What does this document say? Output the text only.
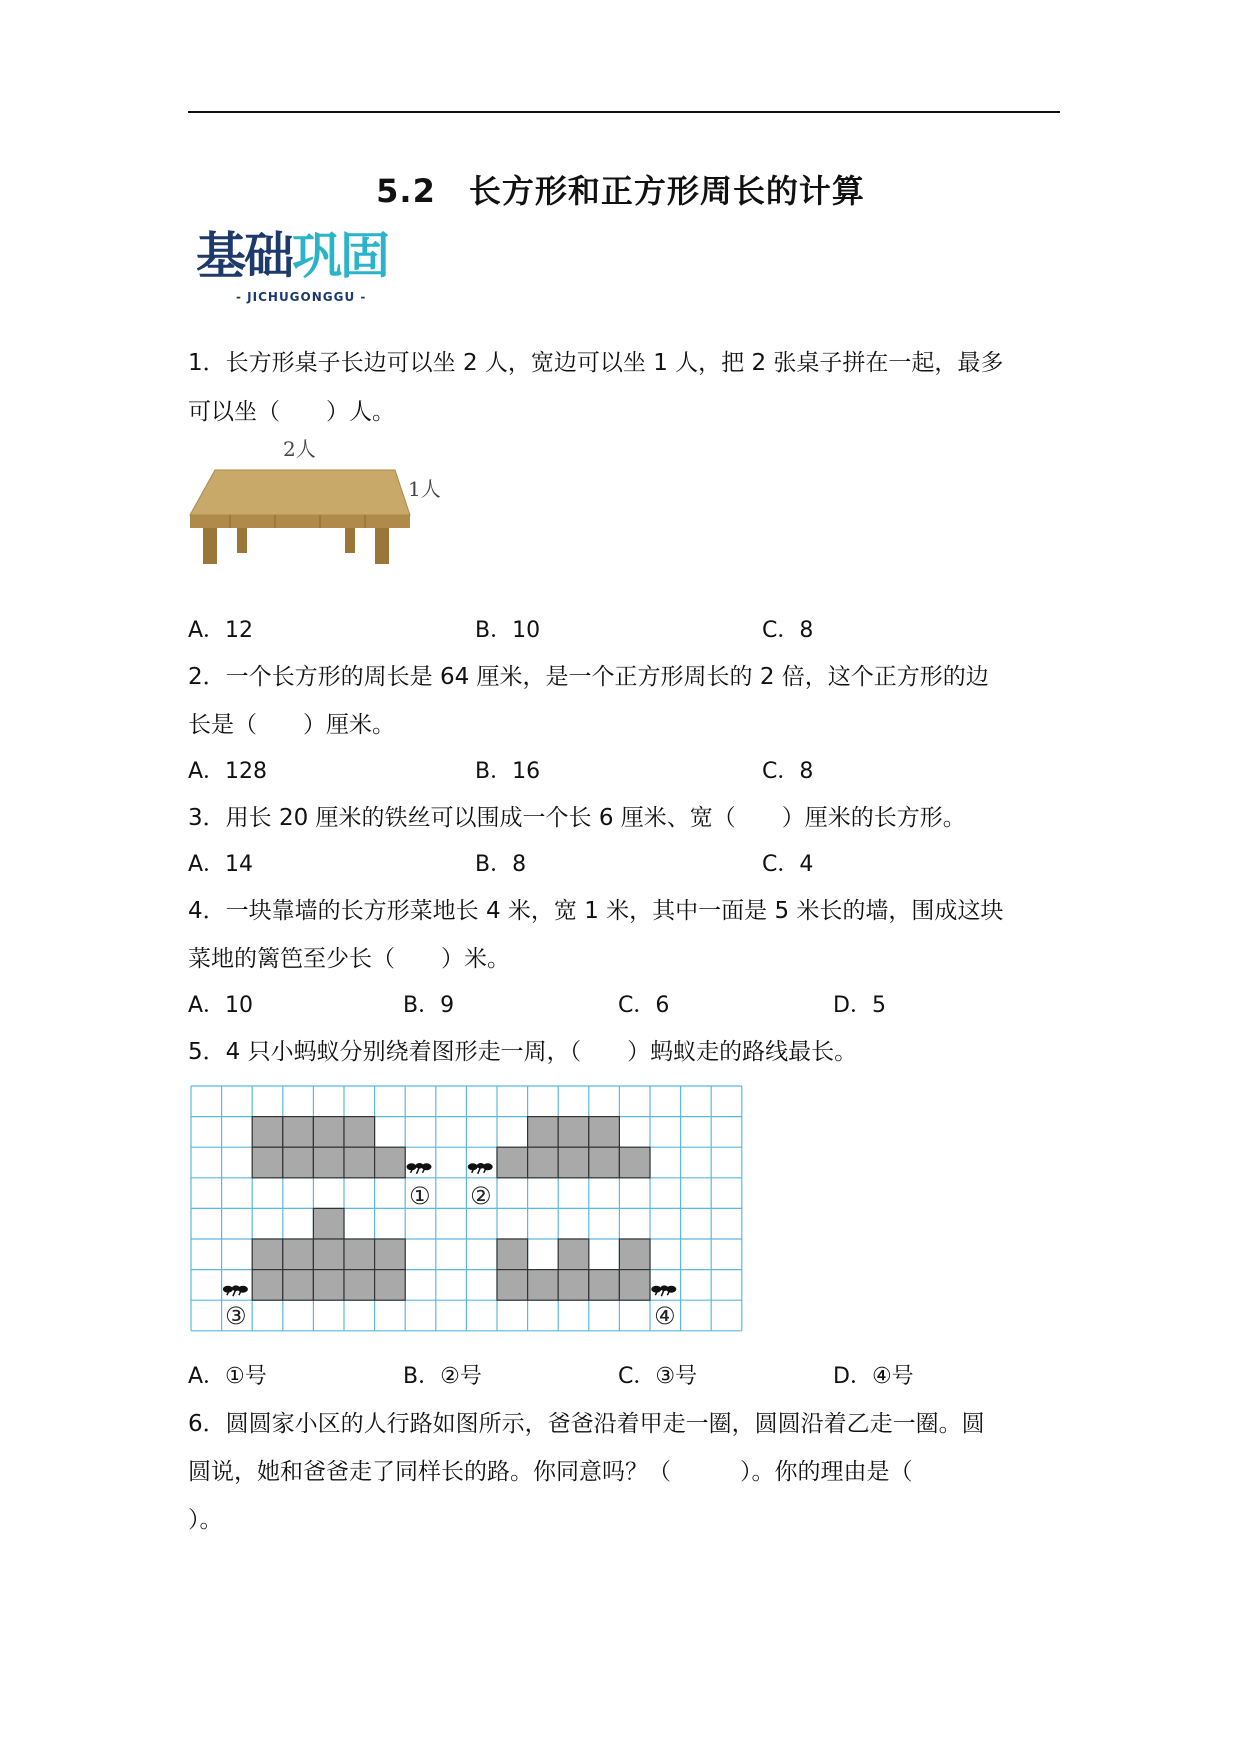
5.2　长方形和正方形周长的计算
基础巩固
- JICHUGONGGU -
1．长方形桌子长边可以坐 2 人，宽边可以坐 1 人，把 2 张桌子拼在一起，最多
可以坐（　　）人。
2人
1人
A．12	B．10	C．8
2．一个长方形的周长是 64 厘米，是一个正方形周长的 2 倍，这个正方形的边
长是（　　）厘米。
A．128	B．16	C．8
3．用长 20 厘米的铁丝可以围成一个长 6 厘米、宽（　　）厘米的长方形。
A．14	B．8	C．4
4．一块靠墙的长方形菜地长 4 米，宽 1 米，其中一面是 5 米长的墙，围成这块
菜地的篱笆至少长（　　）米。
A．10	B．9	C．6	D．5
5．4 只小蚂蚁分别绕着图形走一周，（　　）蚂蚁走的路线最长。
① ②
③	④
A．①号	B．②号	C．③号	D．④号
6．圆圆家小区的人行路如图所示，爸爸沿着甲走一圈，圆圆沿着乙走一圈。圆
圆说，她和爸爸走了同样长的路。你同意吗？（　　　）。你的理由是（
）。
